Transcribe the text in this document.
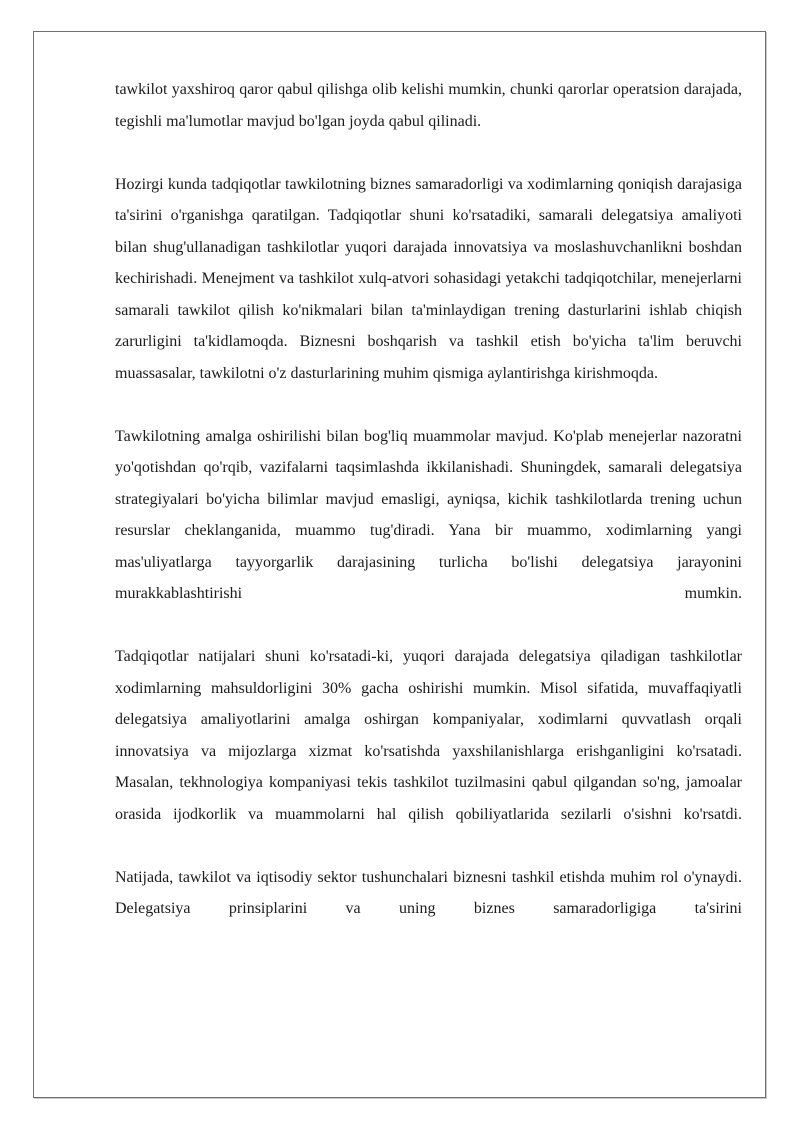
tawkilot yaxshiroq qaror qabul qilishga olib kelishi mumkin, chunki qarorlar operatsion darajada, tegishli ma'lumotlar mavjud bo'lgan joyda qabul qilinadi.

Hozirgi kunda tadqiqotlar tawkilotning biznes samaradorligi va xodimlarning qoniqish darajasiga ta'sirini o'rganishga qaratilgan. Tadqiqotlar shuni ko'rsatadiki, samarali delegatsiya amaliyoti bilan shug'ullanadigan tashkilotlar yuqori darajada innovatsiya va moslashuvchanlikni boshdan kechirishadi. Menejment va tashkilot xulq-atvori sohasidagi yetakchi tadqiqotchilar, menejerlarni samarali tawkilot qilish ko'nikmalari bilan ta'minlaydigan trening dasturlarini ishlab chiqish zarurligini ta'kidlamoqda. Biznesni boshqarish va tashkil etish bo'yicha ta'lim beruvchi muassasalar, tawkilotni o'z dasturlarining muhim qismiga aylantirishga kirishmoqda.

Tawkilotning amalga oshirilishi bilan bog'liq muammolar mavjud. Ko'plab menejerlar nazoratni yo'qotishdan qo'rqib, vazifalarni taqsimlashda ikkilanishadi. Shuningdek, samarali delegatsiya strategiyalari bo'yicha bilimlar mavjud emasligi, ayniqsa, kichik tashkilotlarda trening uchun resurslar cheklanganida, muammo tug'diradi. Yana bir muammo, xodimlarning yangi mas'uliyatlarga tayyorgarlik darajasining turlicha bo'lishi delegatsiya jarayonini murakkablashtirishi mumkin.

Tadqiqotlar natijalari shuni ko'rsatadi-ki, yuqori darajada delegatsiya qiladigan tashkilotlar xodimlarning mahsuldorligini 30% gacha oshirishi mumkin. Misol sifatida, muvaffaqiyatli delegatsiya amaliyotlarini amalga oshirgan kompaniyalar, xodimlarni quvvatlash orqali innovatsiya va mijozlarga xizmat ko'rsatishda yaxshilanishlarga erishganligini ko'rsatadi. Masalan, tekhnologiya kompaniyasi tekis tashkilot tuzilmasini qabul qilgandan so'ng, jamoalar orasida ijodkorlik va muammolarni hal qilish qobiliyatlarida sezilarli o'sishni ko'rsatdi.

Natijada, tawkilot va iqtisodiy sektor tushunchalari biznesni tashkil etishda muhim rol o'ynaydi. Delegatsiya prinsiplarini va uning biznes samaradorligiga ta'sirini
